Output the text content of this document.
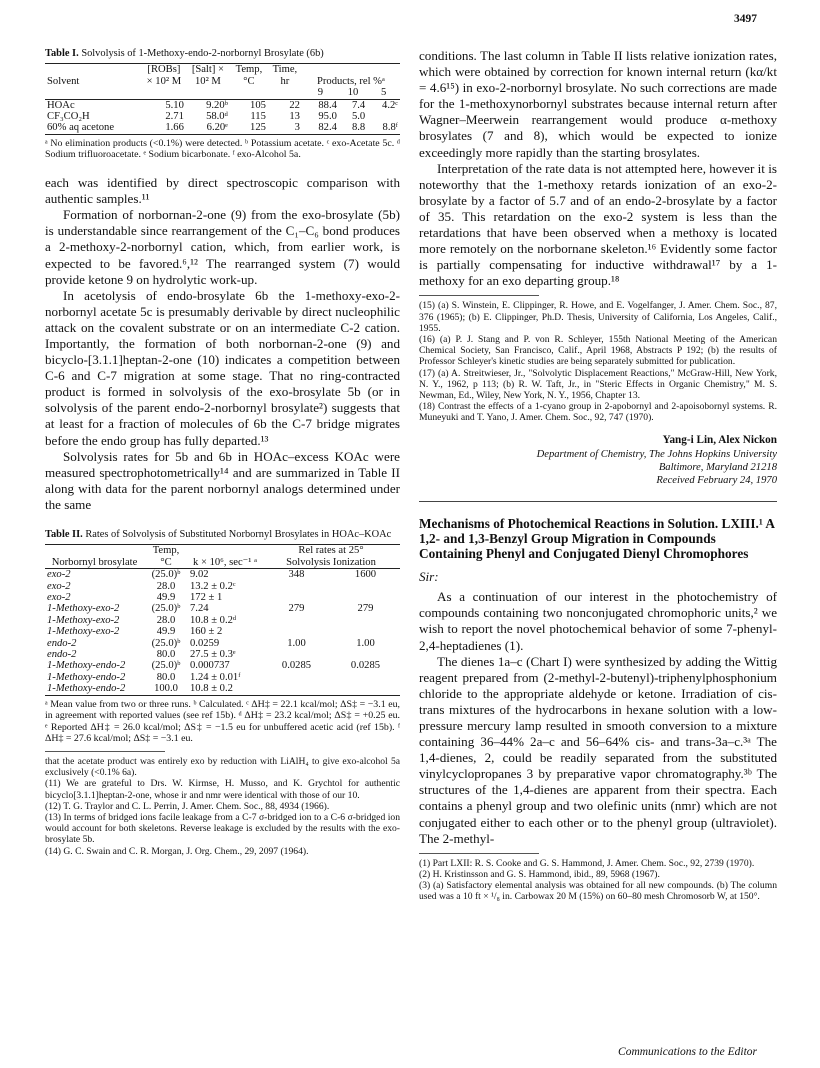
3497

Table I. Solvolysis of 1-Methoxy-endo-2-norbornyl Brosylate (6b)

Solvent	[ROBs] × 10² M	[Salt] × 10² M	Temp, °C	Time, hr	Products, rel %ᵃ		

					9	10	5
HOAc	5.10	9.20ᵇ	105	22	88.4	7.4	4.2ᶜ
CF₃CO₂H	2.71	58.0ᵈ	115	13	95.0	5.0	
60% aq acetone	1.66	6.20ᵉ	125	3	82.4	8.8	8.8ᶠ

ᵃ No elimination products (<0.1%) were detected. ᵇ Potassium acetate. ᶜ exo-Acetate 5c. ᵈ Sodium trifluoroacetate. ᵉ Sodium bicarbonate. ᶠ exo-Alcohol 5a.

each was identified by direct spectroscopic comparison with authentic samples.¹¹

Formation of norbornan-2-one (9) from the exo-brosylate (5b) is understandable since rearrangement of the C₁–C₆ bond produces a 2-methoxy-2-norbornyl cation, which, from earlier work, is expected to be favored.⁶,¹² The rearranged system (7) would provide ketone 9 on hydrolytic work-up.

In acetolysis of endo-brosylate 6b the 1-methoxy-exo-2-norbornyl acetate 5c is presumably derivable by direct nucleophilic attack on the covalent substrate or on an intermediate C-2 cation. Importantly, the formation of both norbornan-2-one (9) and bicyclo-[3.1.1]heptan-2-one (10) indicates a competition between C-6 and C-7 migration at some stage. That no ring-contracted product is formed in solvolysis of the exo-brosylate 5b (or in solvolysis of the parent endo-2-norbornyl brosylate²) suggests that at least for a fraction of molecules of 6b the C-7 bridge migrates before the endo group has fully departed.¹³

Solvolysis rates for 5b and 6b in HOAc–excess KOAc were measured spectrophotometrically¹⁴ and are summarized in Table II along with data for the parent norbornyl analogs determined under the same

Table II. Rates of Solvolysis of Substituted Norbornyl Brosylates in HOAc–KOAc

Norbornyl brosylate	Temp, °C	k × 10⁶, sec⁻¹ ᵃ	Rel rates at 25°
Solvolysis Ionization	

exo-2	(25.0)ᵇ	9.02	348	1600
exo-2	28.0	13.2 ± 0.2ᶜ		
exo-2	49.9	172 ± 1		
1-Methoxy-exo-2	(25.0)ᵇ	7.24	279	279
1-Methoxy-exo-2	28.0	10.8 ± 0.2ᵈ		
1-Methoxy-exo-2	49.9	160 ± 2		
endo-2	(25.0)ᵇ	0.0259	1.00	1.00
endo-2	80.0	27.5 ± 0.3ᵉ		
1-Methoxy-endo-2	(25.0)ᵇ	0.000737	0.0285	0.0285
1-Methoxy-endo-2	80.0	1.24 ± 0.01ᶠ		
1-Methoxy-endo-2	100.0	10.8 ± 0.2		

ᵃ Mean value from two or three runs. ᵇ Calculated. ᶜ ΔH‡ = 22.1 kcal/mol; ΔS‡ = −3.1 eu, in agreement with reported values (see ref 15b). ᵈ ΔH‡ = 23.2 kcal/mol; ΔS‡ = +0.25 eu. ᵉ Reported ΔH‡ = 26.0 kcal/mol; ΔS‡ = −1.5 eu for unbuffered acetic acid (ref 15b). ᶠ ΔH‡ = 27.6 kcal/mol; ΔS‡ = −3.1 eu.

that the acetate product was entirely exo by reduction with LiAlH₄ to give exo-alcohol 5a exclusively (<0.1% 6a).

(11) We are grateful to Drs. W. Kirmse, H. Musso, and K. Grychtol for authentic bicyclo[3.1.1]heptan-2-one, whose ir and nmr were identical with those of our 10.

(12) T. G. Traylor and C. L. Perrin, J. Amer. Chem. Soc., 88, 4934 (1966).

(13) In terms of bridged ions facile leakage from a C-7 σ-bridged ion to a C-6 σ-bridged ion would account for both skeletons. Reverse leakage is excluded by the results with the exo-brosylate 5b.

(14) G. C. Swain and C. R. Morgan, J. Org. Chem., 29, 2097 (1964).

conditions. The last column in Table II lists relative ionization rates, which were obtained by correction for known internal return (kα/kt = 4.6¹⁵) in exo-2-norbornyl brosylate. No such corrections are made for the 1-methoxynorbornyl substrates because internal return after Wagner–Meerwein rearrangement would produce α-methoxy brosylates (7 and 8), which would be expected to ionize exceedingly more rapidly than the starting brosylates.

Interpretation of the rate data is not attempted here, however it is noteworthy that the 1-methoxy retards ionization of an exo-2-brosylate by a factor of 5.7 and of an endo-2-brosylate by a factor of 35. This retardation on the exo-2 system is less than the retardations that have been observed when a methoxy is located more remotely on the norbornane skeleton.¹⁶ Evidently some factor is partially compensating for inductive withdrawal¹⁷ by a 1-methoxy for an exo departing group.¹⁸

(15) (a) S. Winstein, E. Clippinger, R. Howe, and E. Vogelfanger, J. Amer. Chem. Soc., 87, 376 (1965); (b) E. Clippinger, Ph.D. Thesis, University of California, Los Angeles, Calif., 1955.

(16) (a) P. J. Stang and P. von R. Schleyer, 155th National Meeting of the American Chemical Society, San Francisco, Calif., April 1968, Abstracts P 192; (b) the results of Professor Schleyer's kinetic studies are being separately submitted for publication.

(17) (a) A. Streitwieser, Jr., "Solvolytic Displacement Reactions," McGraw-Hill, New York, N. Y., 1962, p 113; (b) R. W. Taft, Jr., in "Steric Effects in Organic Chemistry," M. S. Newman, Ed., Wiley, New York, N. Y., 1956, Chapter 13.

(18) Contrast the effects of a 1-cyano group in 2-apobornyl and 2-apoisobornyl systems. R. Muneyuki and T. Yano, J. Amer. Chem. Soc., 92, 747 (1970).

Yang-i Lin, Alex Nickon

Department of Chemistry, The Johns Hopkins University

Baltimore, Maryland 21218

Received February 24, 1970

Mechanisms of Photochemical Reactions in Solution. LXIII.¹ A 1,2- and 1,3-Benzyl Group Migration in Compounds Containing Phenyl and Conjugated Dienyl Chromophores

Sir:

As a continuation of our interest in the photochemistry of compounds containing two nonconjugated chromophoric units,² we wish to report the novel photochemical behavior of some 7-phenyl-2,4-heptadienes (1).

The dienes 1a–c (Chart I) were synthesized by adding the Wittig reagent prepared from (2-methyl-2-butenyl)-triphenylphosphonium chloride to the appropriate aldehyde or ketone. Irradiation of cis-trans mixtures of the hydrocarbons in hexane solution with a low-pressure mercury lamp resulted in smooth conversion to a mixture containing 36–44% 2a–c and 56–64% cis- and trans-3a–c.³ᵃ The 1,4-dienes, 2, could be readily separated from the substituted vinylcyclopropanes 3 by preparative vapor chromatography.³ᵇ The structures of the 1,4-dienes are apparent from their spectra. Each contains a phenyl group and two olefinic units (nmr) which are not conjugated either to each other or to the phenyl group (ultraviolet). The 2-methyl-

(1) Part LXII: R. S. Cooke and G. S. Hammond, J. Amer. Chem. Soc., 92, 2739 (1970).

(2) H. Kristinsson and G. S. Hammond, ibid., 89, 5968 (1967).

(3) (a) Satisfactory elemental analysis was obtained for all new compounds. (b) The column used was a 10 ft × ¹/₈ in. Carbowax 20 M (15%) on 60–80 mesh Chromosorb W, at 150°.

Communications to the Editor
